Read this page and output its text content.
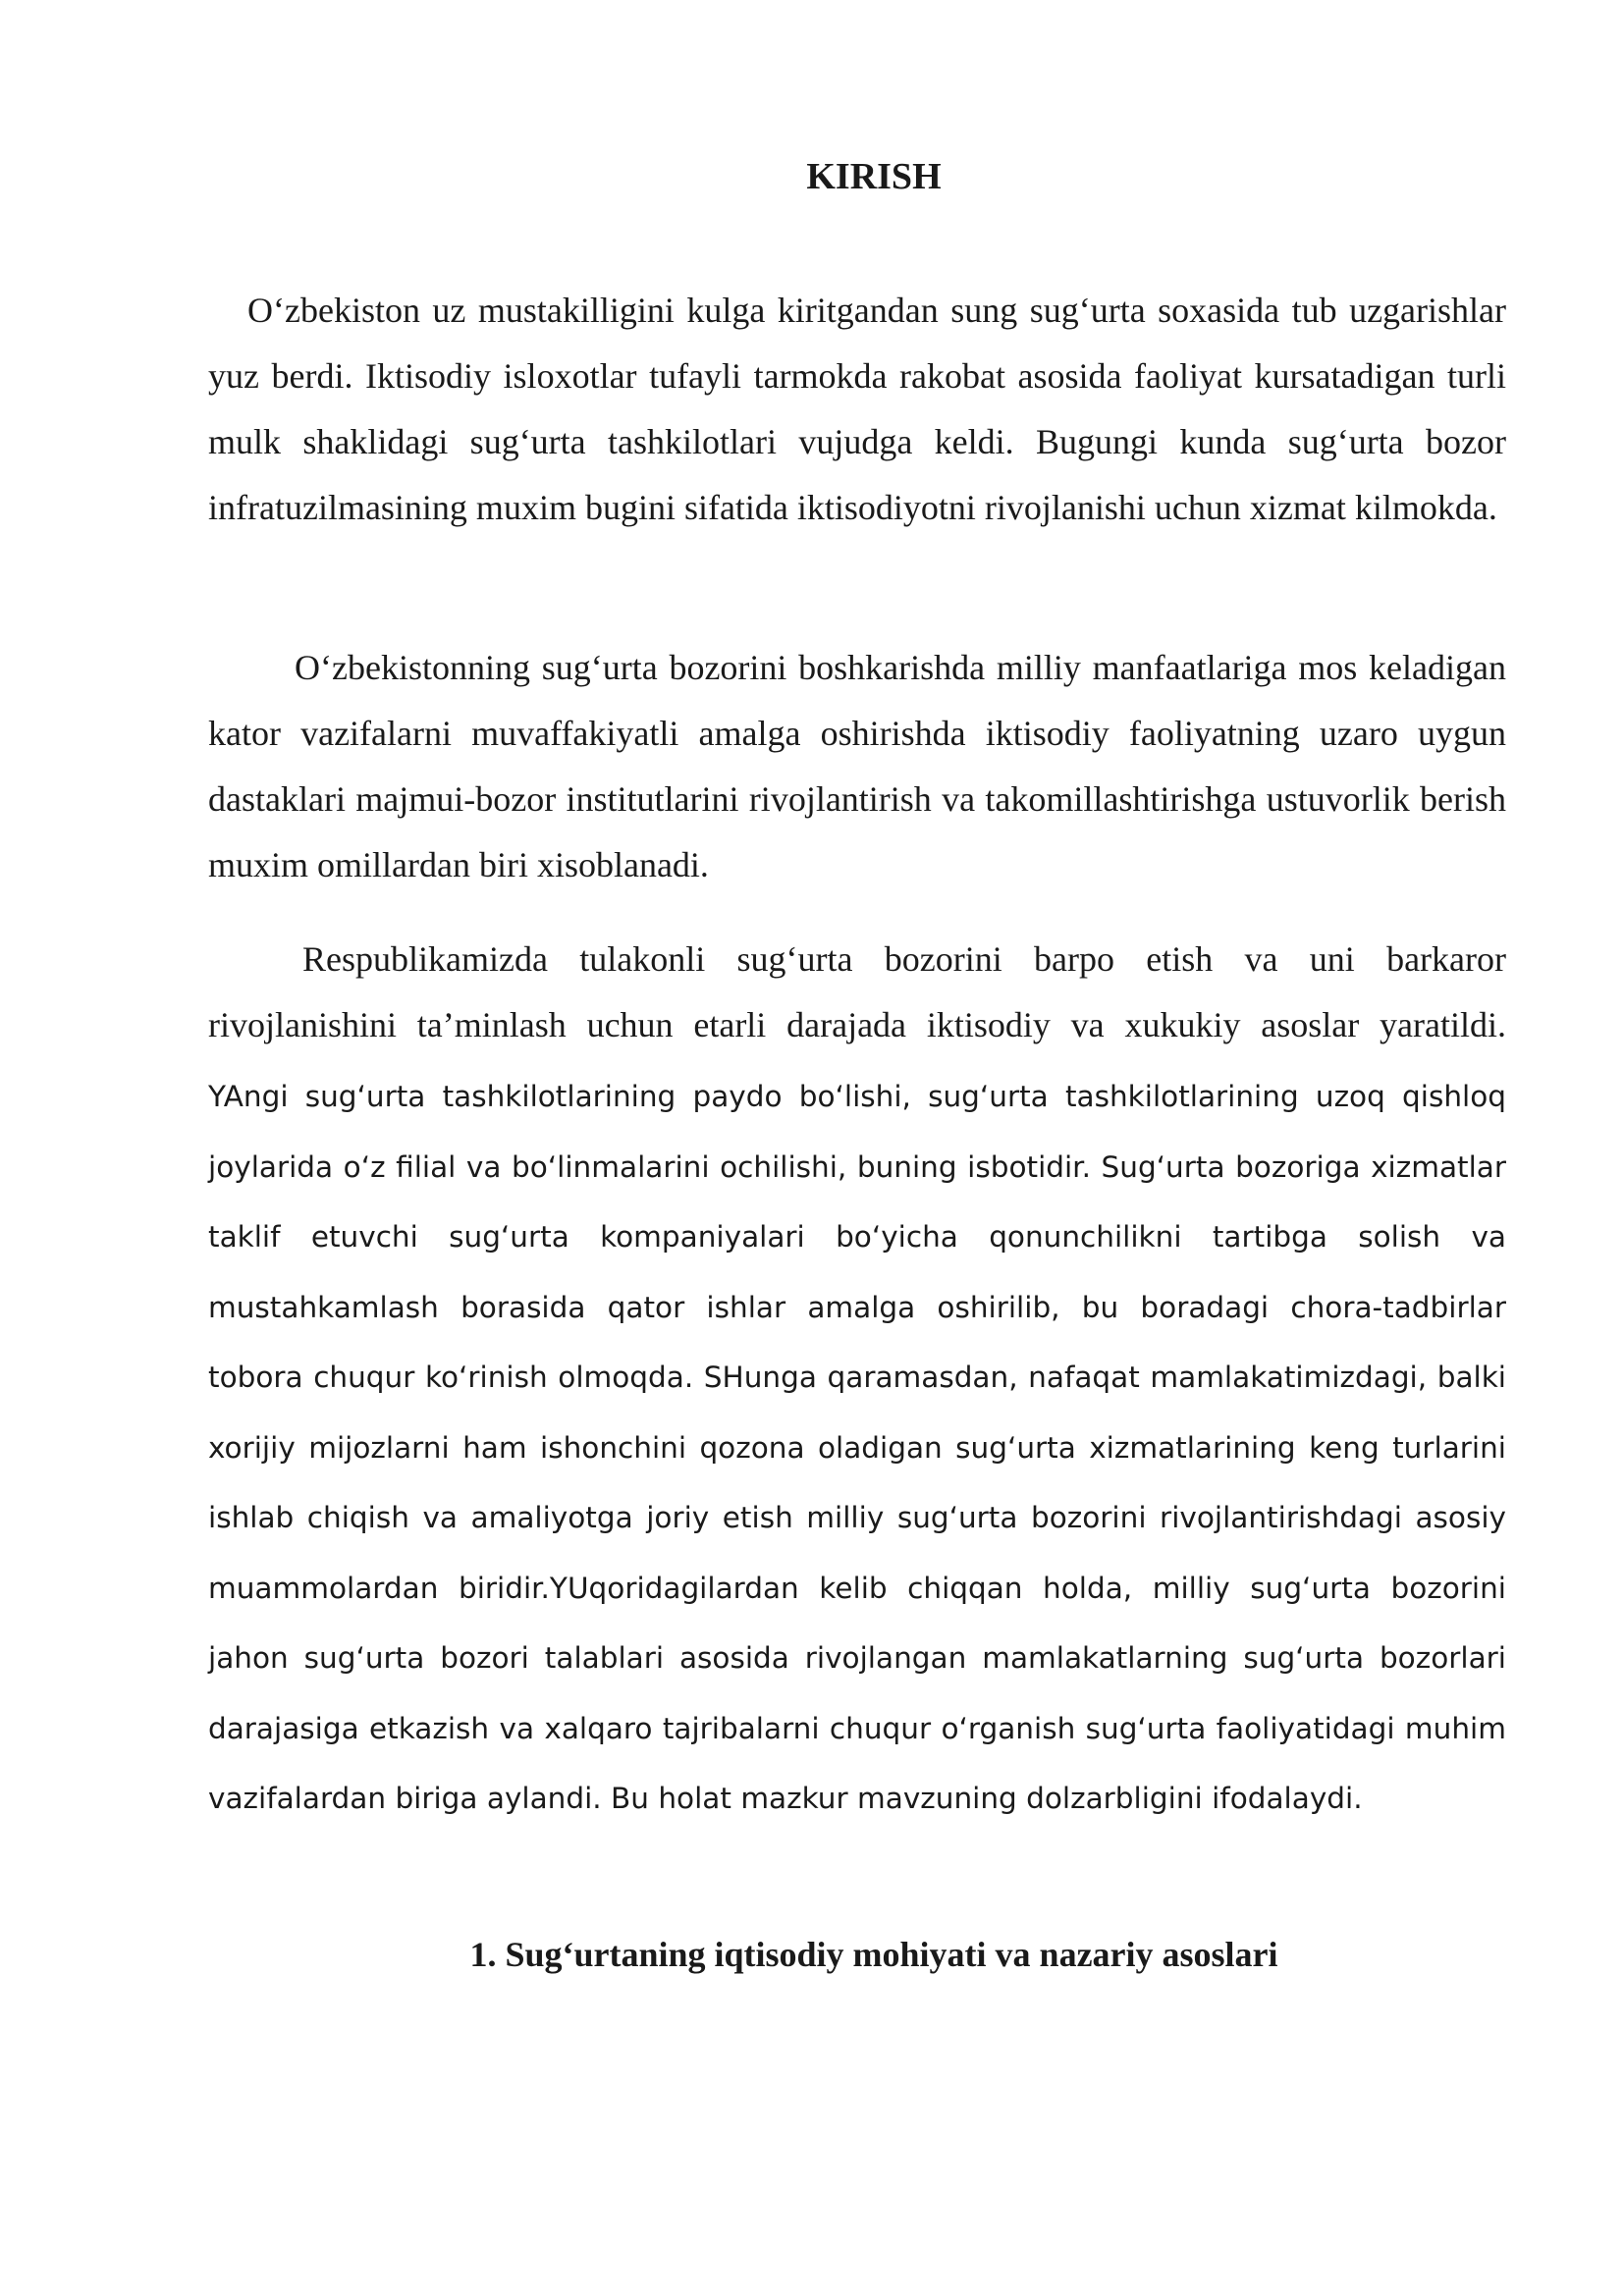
KIRISH

O‘zbekiston uz mustakilligini kulga kiritgandan sung sug‘urta soxasida tub uzgarishlar yuz berdi. Iktisodiy isloxotlar tufayli tarmokda rakobat asosida faoliyat kursatadigan turli mulk shaklidagi sug‘urta tashkilotlari vujudga keldi. Bugungi kunda sug‘urta bozor infratuzilmasining muxim bugini sifatida iktisodiyotni rivojlanishi uchun xizmat kilmokda.

O‘zbekistonning sug‘urta bozorini boshkarishda milliy manfaatlariga mos keladigan kator vazifalarni muvaffakiyatli amalga oshirishda iktisodiy faoliyatning uzaro uygun dastaklari majmui-bozor institutlarini rivojlantirish va takomillashtirishga ustuvorlik berish muxim omillardan biri xisoblanadi.

Respublikamizda tulakonli sug‘urta bozorini barpo etish va uni barkaror
rivojlanishini ta’minlash uchun etarli darajada iktisodiy va xukukiy asoslar yaratildi.
YAngi sug‘urta tashkilotlarining paydo bo‘lishi, sug‘urta tashkilotlarining uzoq qishloq joylarida o‘z filial va bo‘linmalarini ochilishi, buning isbotidir. Sug‘urta bozoriga xizmatlar taklif etuvchi sug‘urta kompaniyalari bo‘yicha qonunchilikni tartibga solish va mustahkamlash borasida qator ishlar amalga oshirilib, bu boradagi chora-tadbirlar tobora chuqur ko‘rinish olmoqda. SHunga qaramasdan, nafaqat mamlakatimizdagi, balki xorijiy mijozlarni ham ishonchini qozona oladigan sug‘urta xizmatlarining keng turlarini ishlab chiqish va amaliyotga joriy etish milliy sug‘urta bozorini rivojlantirishdagi asosiy muammolardan biridir.YUqoridagilardan kelib chiqqan holda, milliy sug‘urta bozorini jahon sug‘urta bozori talablari asosida rivojlangan mamlakatlarning sug‘urta bozorlari darajasiga etkazish va xalqaro tajribalarni chuqur o‘rganish sug‘urta faoliyatidagi muhim vazifalardan biriga aylandi. Bu holat mazkur mavzuning dolzarbligini ifodalaydi.
1. Sug‘urtaning iqtisodiy mohiyati va nazariy asoslari
